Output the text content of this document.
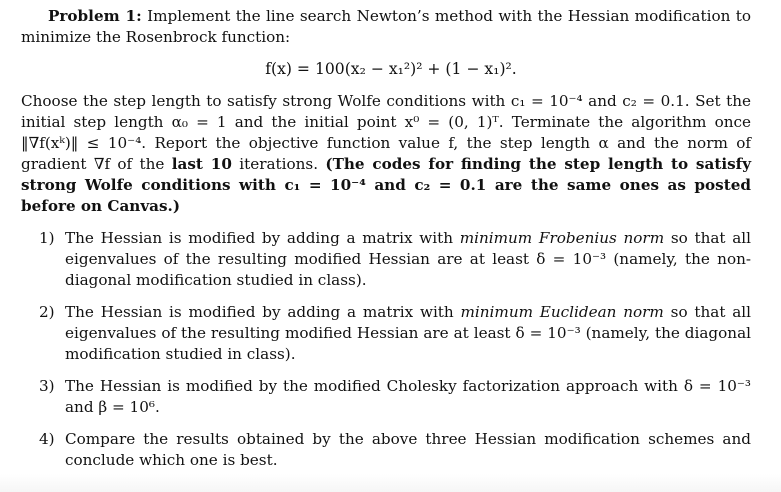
Problem 1: Implement the line search Newton’s method with the Hessian modification to minimize the Rosenbrock function:

f(x) = 100(x₂ − x₁²)² + (1 − x₁)².

Choose the step length to satisfy strong Wolfe conditions with c₁ = 10⁻⁴ and c₂ = 0.1. Set the initial step length α₀ = 1 and the initial point x⁰ = (0, 1)ᵀ. Terminate the algorithm once ‖∇f(xᵏ)‖ ≤ 10⁻⁴. Report the objective function value f, the step length α and the norm of gradient ∇f of the last 10 iterations. (The codes for finding the step length to satisfy strong Wolfe conditions with c₁ = 10⁻⁴ and c₂ = 0.1 are the same ones as posted before on Canvas.)

1) The Hessian is modified by adding a matrix with minimum Frobenius norm so that all eigenvalues of the resulting modified Hessian are at least δ = 10⁻³ (namely, the non-diagonal modification studied in class).
2) The Hessian is modified by adding a matrix with minimum Euclidean norm so that all eigenvalues of the resulting modified Hessian are at least δ = 10⁻³ (namely, the diagonal modification studied in class).
3) The Hessian is modified by the modified Cholesky factorization approach with δ = 10⁻³ and β = 10⁶.
4) Compare the results obtained by the above three Hessian modification schemes and conclude which one is best.
